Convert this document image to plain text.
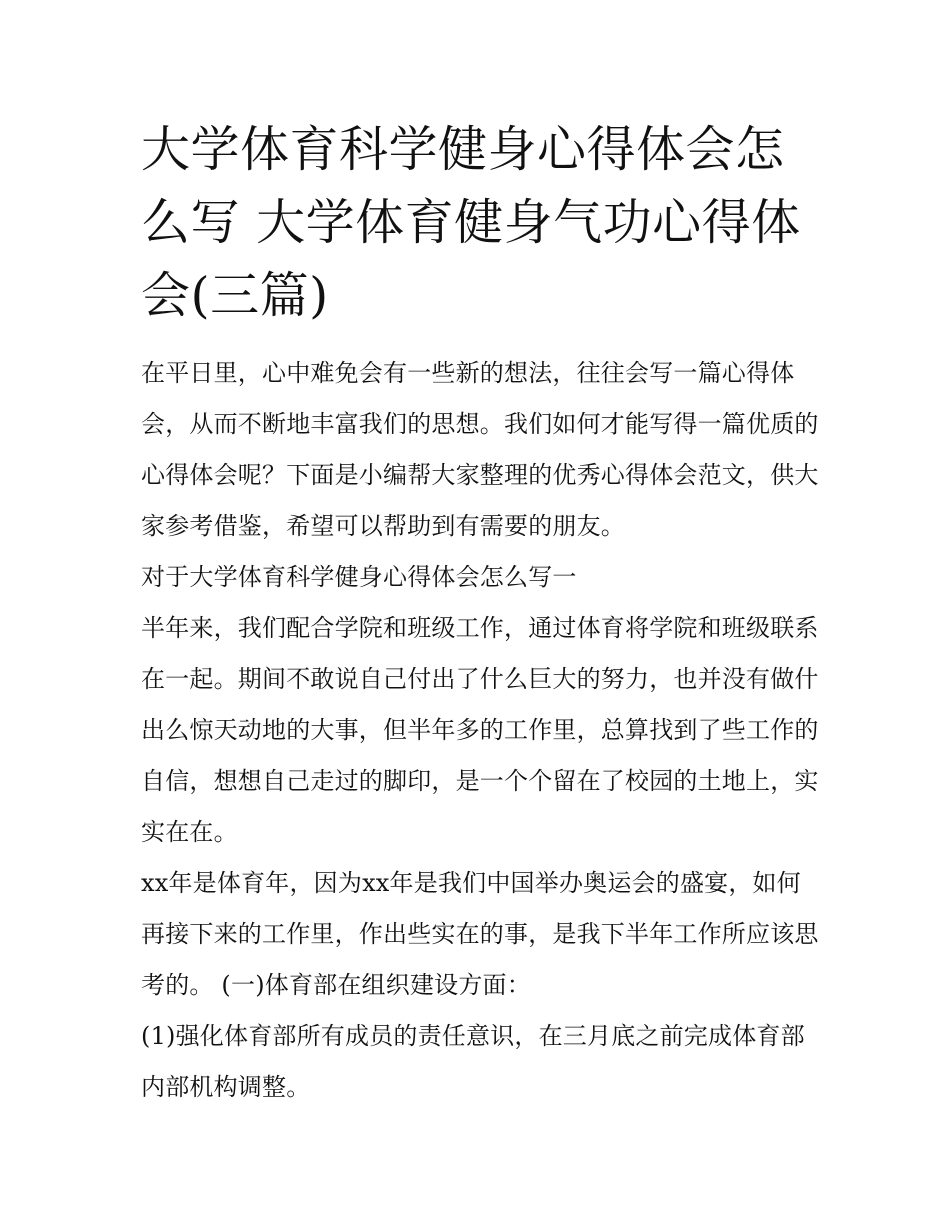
大学体育科学健身心得体会怎么写 大学体育健身气功心得体会(三篇)

在平日里，心中难免会有一些新的想法，往往会写一篇心得体会，从而不断地丰富我们的思想。我们如何才能写得一篇优质的心得体会呢？下面是小编帮大家整理的优秀心得体会范文，供大家参考借鉴，希望可以帮助到有需要的朋友。

对于大学体育科学健身心得体会怎么写一

半年来，我们配合学院和班级工作，通过体育将学院和班级联系在一起。期间不敢说自己付出了什么巨大的努力，也并没有做什出么惊天动地的大事，但半年多的工作里，总算找到了些工作的自信，想想自己走过的脚印，是一个个留在了校园的土地上，实实在在。

xx年是体育年，因为xx年是我们中国举办奥运会的盛宴，如何再接下来的工作里，作出些实在的事，是我下半年工作所应该思考的。 (一)体育部在组织建设方面：

(1)强化体育部所有成员的责任意识，在三月底之前完成体育部内部机构调整。
